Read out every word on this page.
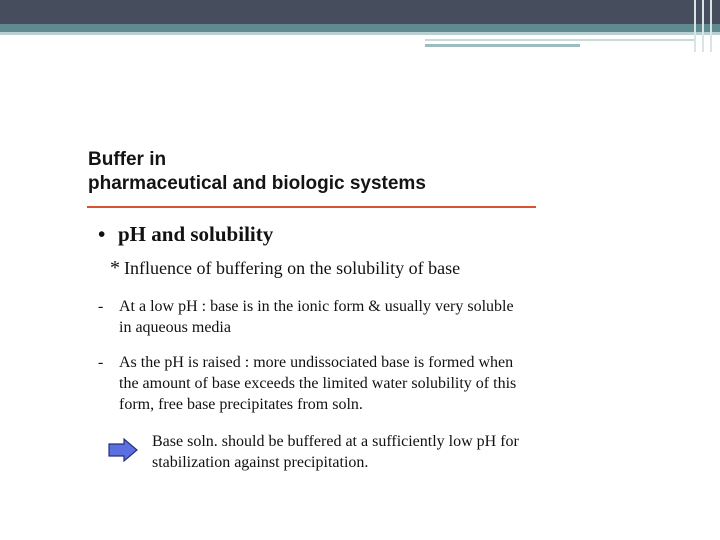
Buffer in
pharmaceutical and biologic systems
• pH and solubility
* Influence of buffering on the solubility of base
- At a low pH : base is in the ionic form & usually very soluble in aqueous media
- As the pH is raised : more undissociated base is formed when the amount of base exceeds the limited water solubility of this form, free base precipitates from soln.
Base soln. should be buffered at a sufficiently low pH for stabilization against precipitation.
